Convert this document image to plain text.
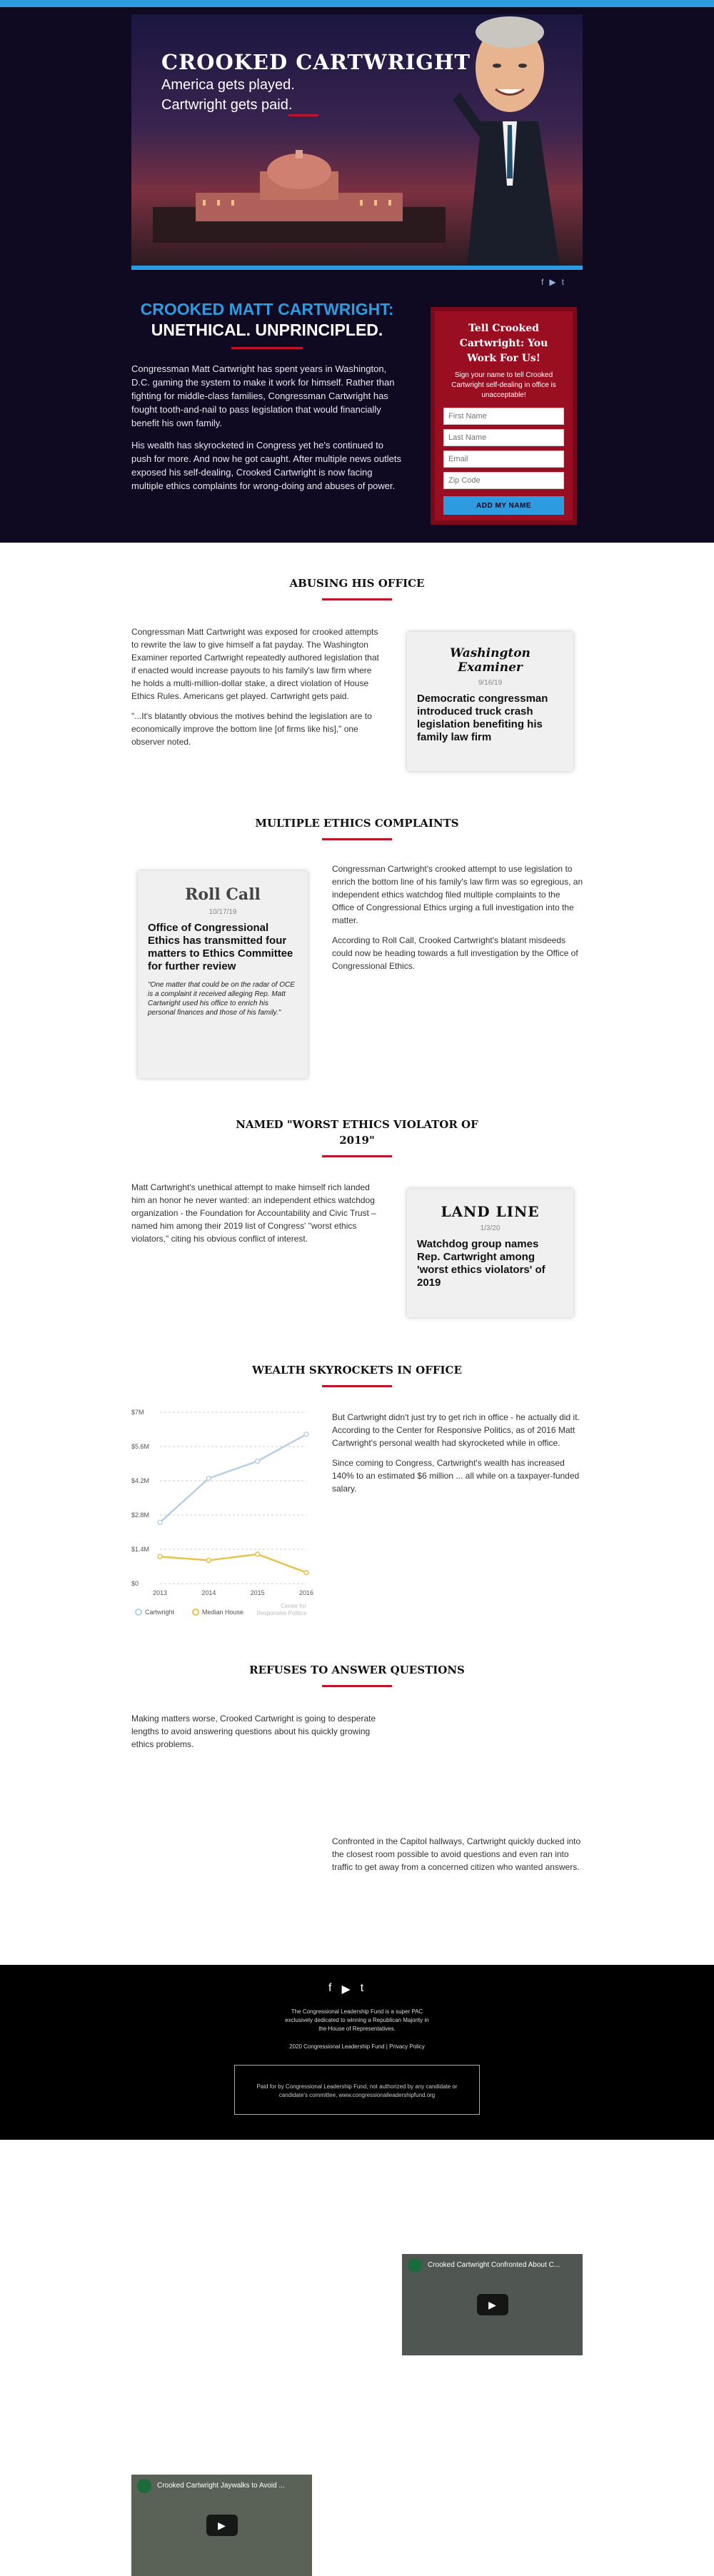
CROOKED CARTWRIGHT
America gets played.
Cartwright gets paid.
f ▶ t
CROOKED MATT CARTWRIGHT:
UNETHICAL. UNPRINCIPLED.

Congressman Matt Cartwright has spent years in Washington, D.C. gaming the system to make it work for himself. Rather than fighting for middle-class families, Congressman Cartwright has fought tooth-and-nail to pass legislation that would financially benefit his own family.

His wealth has skyrocketed in Congress yet he's continued to push for more. And now he got caught. After multiple news outlets exposed his self-dealing, Crooked Cartwright is now facing multiple ethics complaints for wrong-doing and abuses of power.

Tell Crooked Cartwright: You Work For Us!
Sign your name to tell Crooked Cartwright self-dealing in office is unacceptable!
First Name
Last Name
Email
Zip Code
ADD MY NAME
ABUSING HIS OFFICE

Congressman Matt Cartwright was exposed for crooked attempts to rewrite the law to give himself a fat payday. The Washington Examiner reported Cartwright repeatedly authored legislation that if enacted would increase payouts to his family's law firm where he holds a multi-million-dollar stake, a direct violation of House Ethics Rules. Americans get played. Cartwright gets paid.

"...It's blatantly obvious the motives behind the legislation are to economically improve the bottom line [of firms like his]," one observer noted.

Washington Examiner
9/16/19
Democratic congressman introduced truck crash legislation benefiting his family law firm
MULTIPLE ETHICS COMPLAINTS
Roll Call
10/17/19
Office of Congressional Ethics has transmitted four matters to Ethics Committee for further review
"One matter that could be on the radar of OCE is a complaint it received alleging Rep. Matt Cartwright used his office to enrich his personal finances and those of his family."

Congressman Cartwright's crooked attempt to use legislation to enrich the bottom line of his family's law firm was so egregious, an independent ethics watchdog filed multiple complaints to the Office of Congressional Ethics urging a full investigation into the matter.

According to Roll Call, Crooked Cartwright's blatant misdeeds could now be heading towards a full investigation by the Office of Congressional Ethics.

NAMED "WORST ETHICS VIOLATOR OF
2019"

Matt Cartwright's unethical attempt to make himself rich landed him an honor he never wanted: an independent ethics watchdog organization - the Foundation for Accountability and Civic Trust – named him among their 2019 list of Congress' "worst ethics violators," citing his obvious conflict of interest.

LAND LINE
1/3/20
Watchdog group names Rep. Cartwright among 'worst ethics violators' of 2019
WEALTH SKYROCKETS IN OFFICE
$0
$1.4M
$2.8M
$4.2M
$5.6M
$7M
2013	2014	2015	2016
Cartwright	Median House
Center for
Responsive Politics

But Cartwright didn't just try to get rich in office - he actually did it. According to the Center for Responsive Politics, as of 2016 Matt Cartwright's personal wealth had skyrocketed while in office.

Since coming to Congress, Cartwright's wealth has increased 140% to an estimated $6 million ... all while on a taxpayer-funded salary.

REFUSES TO ANSWER QUESTIONS

Making matters worse, Crooked Cartwright is going to desperate lengths to avoid answering questions about his quickly growing ethics problems.

Crooked Cartwright Confronted About C...
▶
Crooked Cartwright Jaywalks to Avoid ...
▶

Confronted in the Capitol hallways, Cartwright quickly ducked into the closest room possible to avoid questions and even ran into traffic to get away from a concerned citizen who wanted answers.

f ▶ t
The Congressional Leadership Fund is a super PAC exclusively dedicated to winning a Republican Majority in the House of Representatives.
2020 Congressional Leadership Fund | Privacy Policy
Paid for by Congressional Leadership Fund, not authorized by any candidate or candidate's committee, www.congressionalleadershipfund.org
